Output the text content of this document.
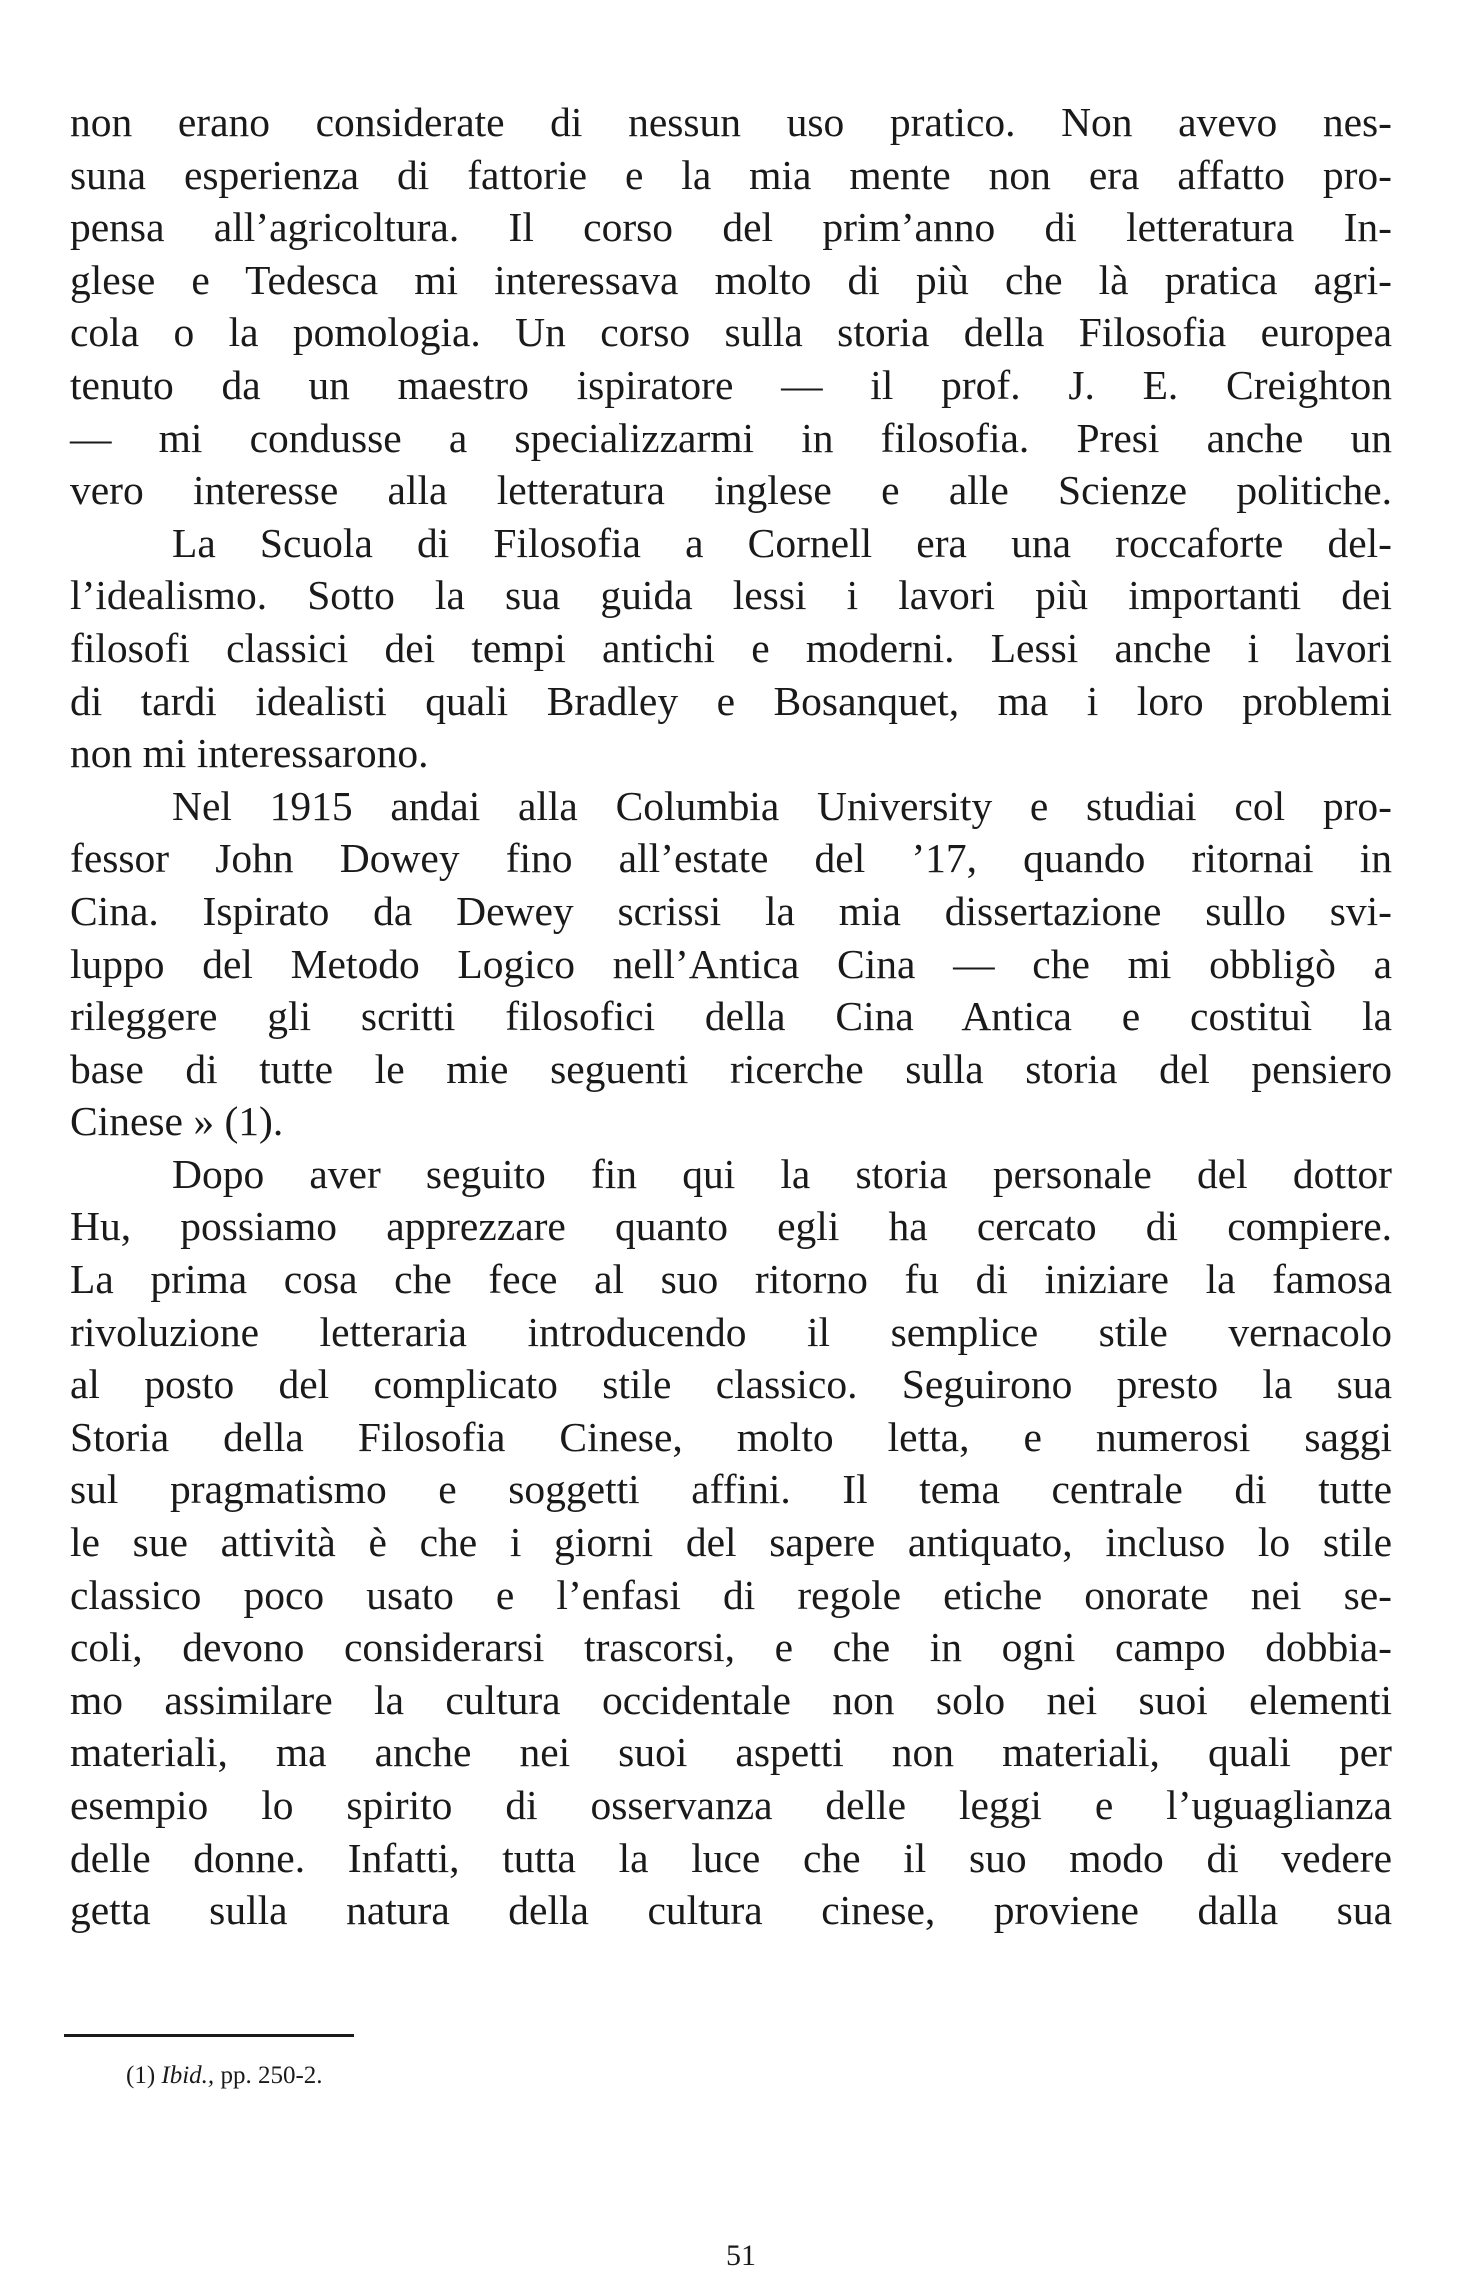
non erano considerate di nessun uso pratico. Non avevo nes-
suna esperienza di fattorie e la mia mente non era affatto pro-
pensa all’agricoltura. Il corso del prim’anno di letteratura In-
glese e Tedesca mi interessava molto di più che là pratica agri-
cola o la pomologia. Un corso sulla storia della Filosofia europea
tenuto da un maestro ispiratore — il prof. J. E. Creighton
— mi condusse a specializzarmi in filosofia. Presi anche un
vero interesse alla letteratura inglese e alle Scienze politiche.
La Scuola di Filosofia a Cornell era una roccaforte del-
l’idealismo. Sotto la sua guida lessi i lavori più importanti dei
filosofi classici dei tempi antichi e moderni. Lessi anche i lavori
di tardi idealisti quali Bradley e Bosanquet, ma i loro problemi
non mi interessarono.
Nel 1915 andai alla Columbia University e studiai col pro-
fessor John Dowey fino all’estate del ’17, quando ritornai in
Cina. Ispirato da Dewey scrissi la mia dissertazione sullo svi-
luppo del Metodo Logico nell’Antica Cina — che mi obbligò a
rileggere gli scritti filosofici della Cina Antica e costituì la
base di tutte le mie seguenti ricerche sulla storia del pensiero
Cinese » (1).
Dopo aver seguito fin qui la storia personale del dottor
Hu, possiamo apprezzare quanto egli ha cercato di compiere.
La prima cosa che fece al suo ritorno fu di iniziare la famosa
rivoluzione letteraria introducendo il semplice stile vernacolo
al posto del complicato stile classico. Seguirono presto la sua
Storia della Filosofia Cinese, molto letta, e numerosi saggi
sul pragmatismo e soggetti affini. Il tema centrale di tutte
le sue attività è che i giorni del sapere antiquato, incluso lo stile
classico poco usato e l’enfasi di regole etiche onorate nei se-
coli, devono considerarsi trascorsi, e che in ogni campo dobbia-
mo assimilare la cultura occidentale non solo nei suoi elementi
materiali, ma anche nei suoi aspetti non materiali, quali per
esempio lo spirito di osservanza delle leggi e l’uguaglianza
delle donne. Infatti, tutta la luce che il suo modo di vedere
getta sulla natura della cultura cinese, proviene dalla sua
(1) Ibid., pp. 250-2.
51
